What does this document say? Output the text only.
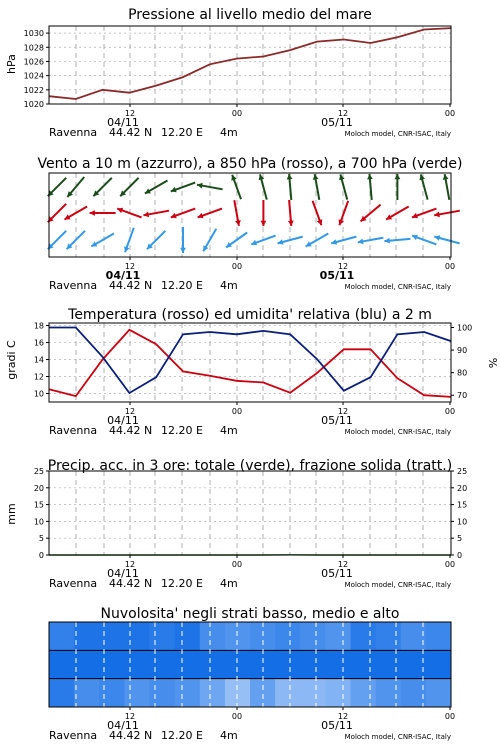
Pressione al livello medio del mare
Vento a 10 m (azzurro), a 850 hPa (rosso), a 700 hPa (verde)
Temperatura (rosso) ed umidita' relativa (blu) a 2 m
Precip. acc. in 3 ore: totale (verde), frazione solida (tratt.)
Nuvolosita' negli strati basso, medio e alto
hPa
gradi C	%
mm
1020
1022
1024
1026
1028
1030
12	00	12	00
04/11	05/11
Ravenna 44.42 N 12.20 E 4m	Moloch model, CNR-ISAC, Italy
12	00	12	00
04/11	05/11
Ravenna 44.42 N 12.20 E 4m	Moloch model, CNR-ISAC, Italy
10
12
14
16
18
70
80
90
100
12	00	12	00
04/11	05/11
Ravenna 44.42 N 12.20 E 4m	Moloch model, CNR-ISAC, Italy
0
5
10
15
20
25
0
5
10
15
20
25
12	00	12	00
04/11	05/11
Ravenna 44.42 N 12.20 E 4m	Moloch model, CNR-ISAC, Italy
12	00	12	00
04/11	05/11
Ravenna 44.42 N 12.20 E 4m	Moloch model, CNR-ISAC, Italy
